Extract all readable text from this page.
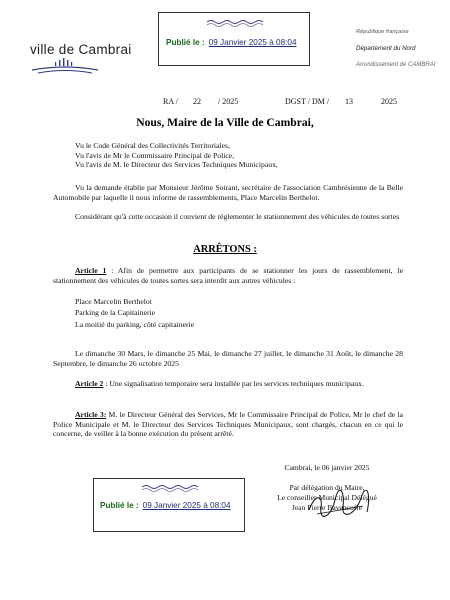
ville de Cambrai	Publié le : 09 Janvier 2025 à 08:04
République française
Département du Nord
Arrondissement de CAMBRAI
RA / 22 / 2025	DGST / DM / 13	2025
Nous, Maire de la Ville de Cambrai,
Vu le Code Général des Collectivités Territoriales,
Vu l'avis de Mr le Commissaire Principal de Police,
Vu l'avis de M. le Directeur des Services Techniques Municipaux,
Vu la demande établie par Monsieur Jérôme Soirant, secrétaire de l'association Cambrésienne de la Belle Automobile par laquelle il nous informe de rassemblements, Place Marcelin Berthelot.
Considérant qu'à cette occasion il convient de réglementer le stationnement des véhicules de toutes sortes
ARRÊTONS :
Article 1 : Afin de permettre aux participants de se stationner les jours de rassemblement, le stationnement des véhicules de toutes sortes sera interdit aux autres véhicules :
Place Marcelin Berthelot
Parking de la Capitainerie
La moitié du parking, côté capitainerie
Le dimanche 30 Mars, le dimanche 25 Mai, le dimanche 27 juillet, le dimanche 31 Août, le dimanche 28 Septembre, le dimanche 26 octobre 2025
Article 2 : Une signalisation temporaire sera installée par les services techniques municipaux.
Article 3: M. le Directeur Général des Services, Mr le Commissaire Principal de Police, Mr le chef de la Police Municipale et M. le Directeur des Services Techniques Municipaux, sont chargés, chacun en ce qui le concerne, de veiller à la bonne exécution du présent arrêté.
Cambrai, le 06 janvier 2025
Par délégation du Maire,
Le conseiller Municipal Délégué
Jean Pierre Bavencoffe
Publié le : 09 Janvier 2025 à 08:04
